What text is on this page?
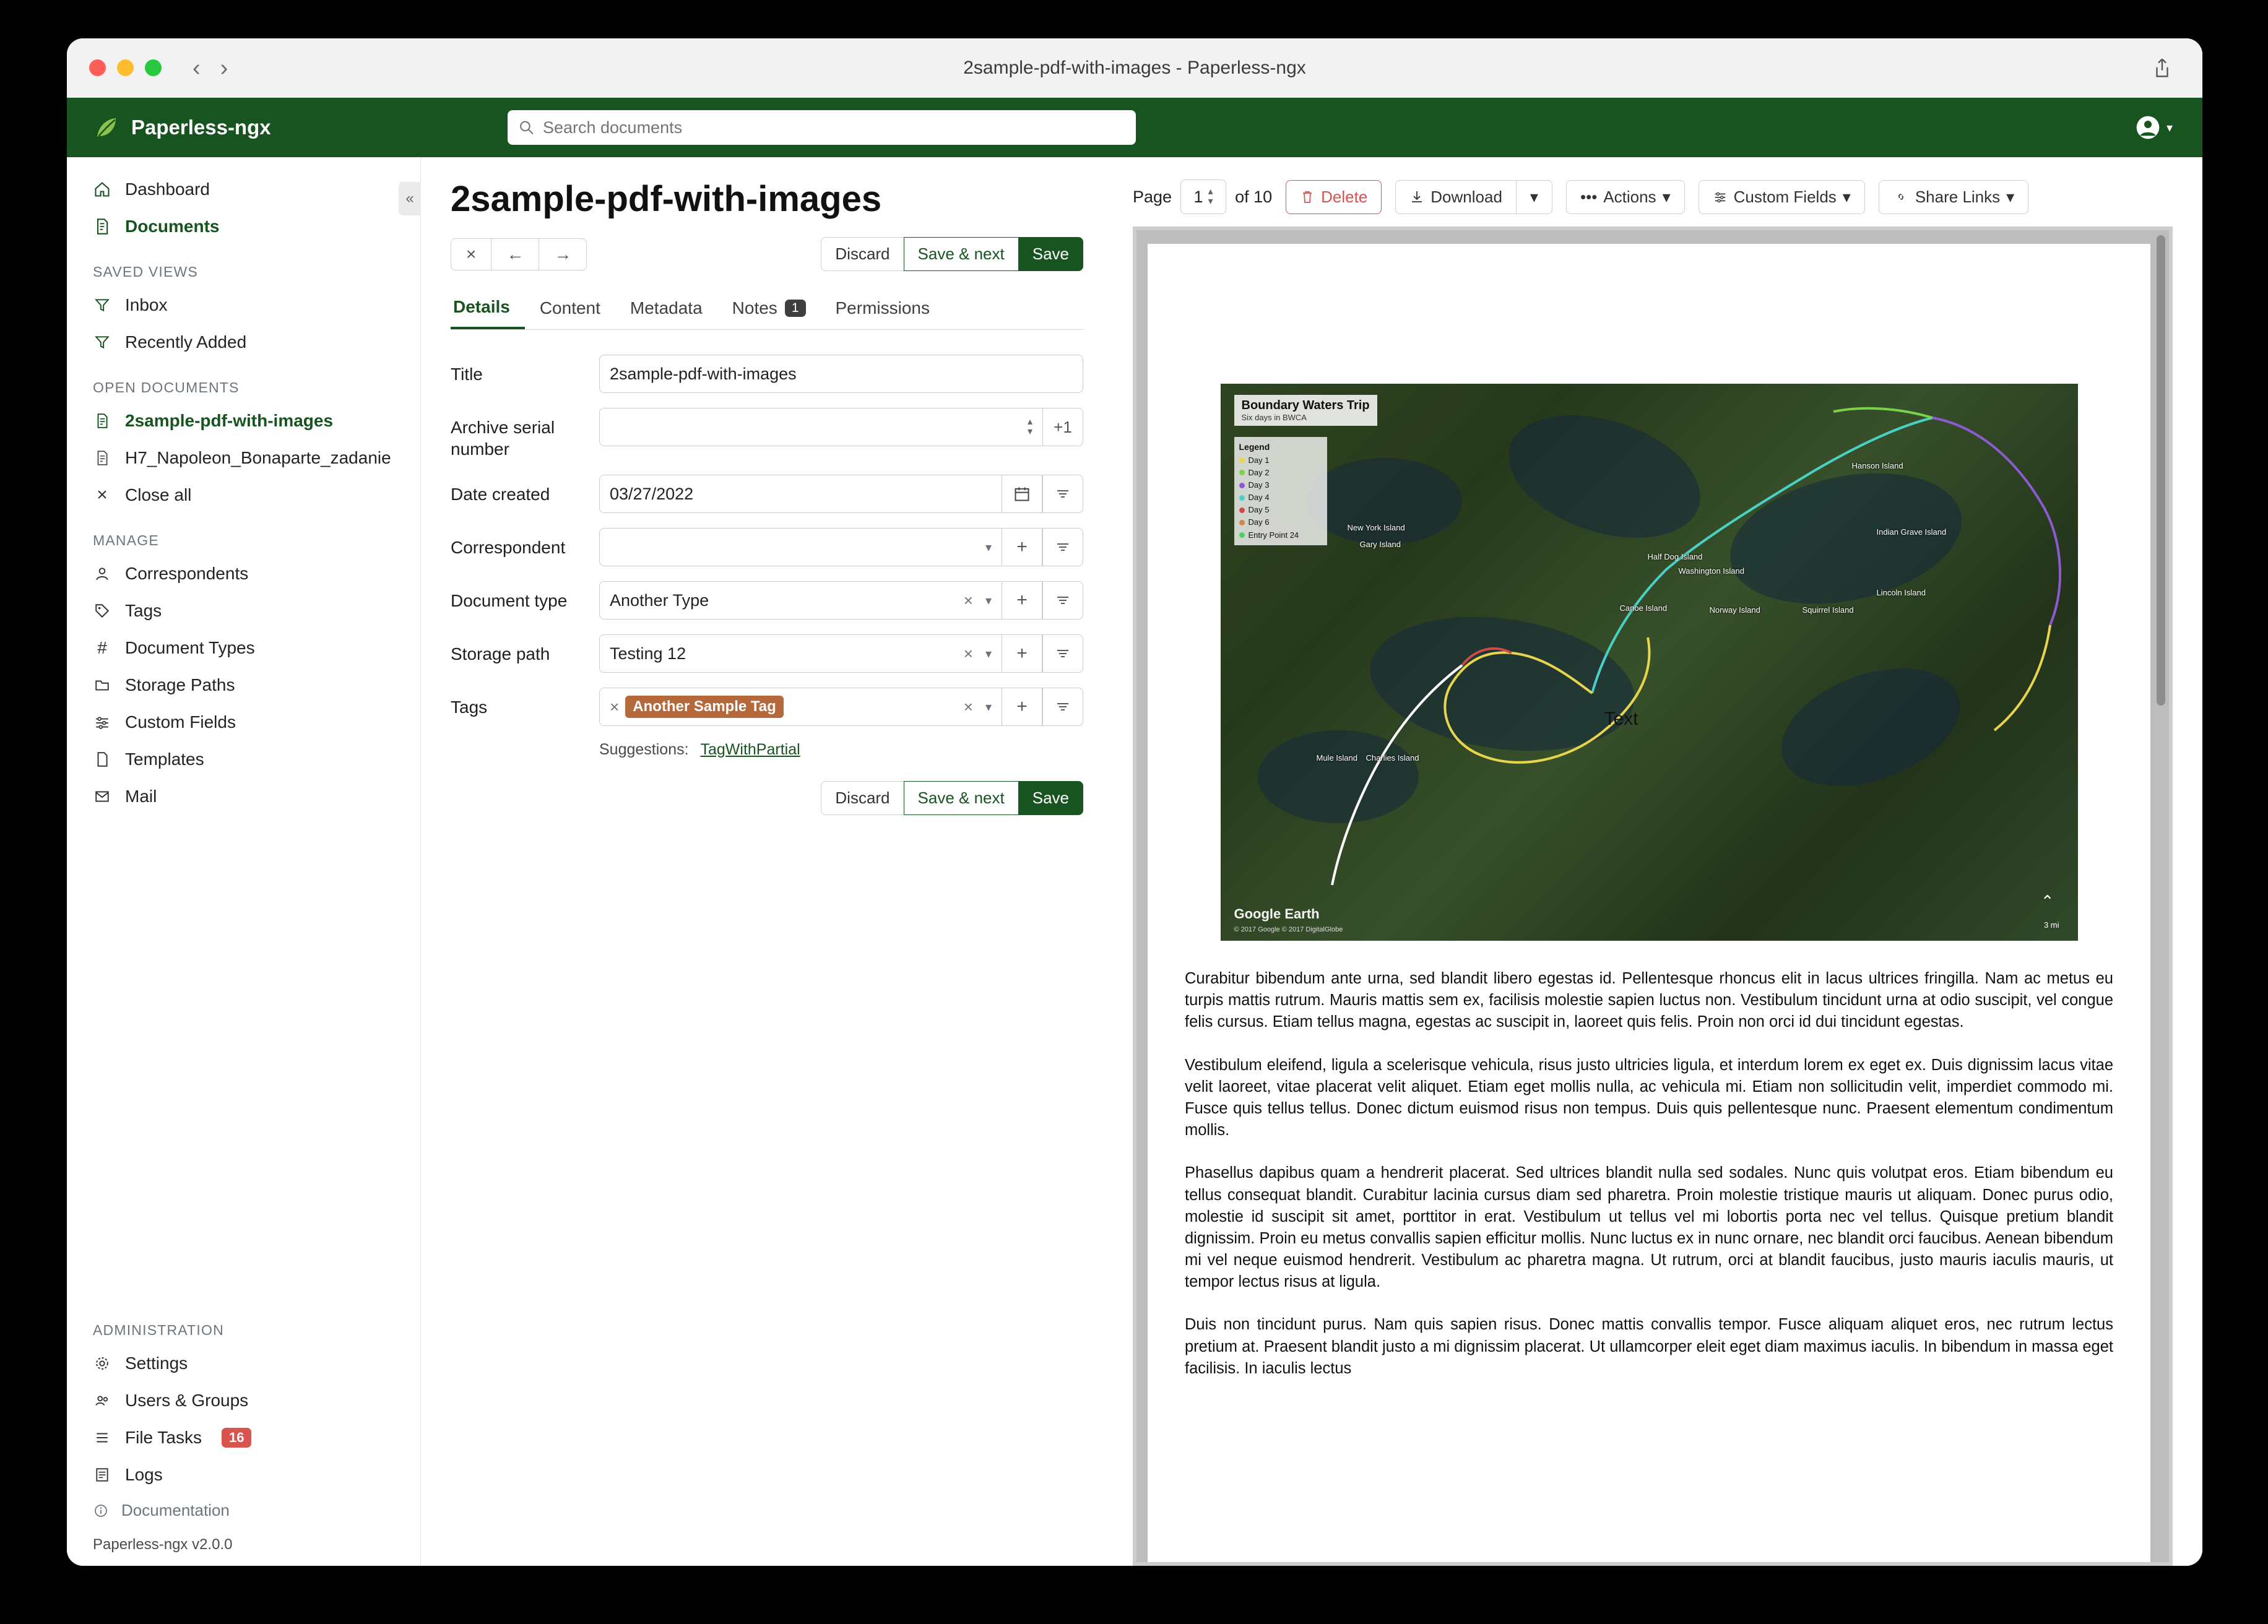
‹ ›	2sample-pdf-with-images - Paperless-ngx
Paperless-ngx
Search documents	▾
«
Dashboard
Documents
SAVED VIEWS
Inbox
Recently Added
OPEN DOCUMENTS
2sample-pdf-with-images
H7_Napoleon_Bonaparte_zadanie
× Close all
MANAGE
Correspondents
Tags
# Document Types
Storage Paths
Custom Fields
Templates
Mail
ADMINISTRATION
Settings
Users & Groups
File Tasks	16
Logs
Documentation
Paperless-ngx v2.0.0
2sample-pdf-with-images
×	←	→	Discard	Save & next	Save
Details Content Metadata Notes	1	Permissions
Title	2sample-pdf-with-images
Archive serial number
▴
▾	+1
Date created	03/27/2022
Correspondent	▾	+
Document type	Another Type	× ▾	+
Storage path	Testing 12	× ▾	+
Tags	× Another Sample Tag	× ▾	+
Suggestions: TagWithPartial
Discard	Save & next	Save
Page 1 ▴
▾ of 10	Delete	Download ▾	••• Actions ▾	Custom Fields ▾	Share Links ▾
Boundary Waters Trip
Six days in BWCA
Legend
Day 1
Day 2
Day 3
Day 4
Day 5
Day 6
Entry Point 24
Hanson Island
Indian Grave Island
New York Island
Gary Island
Half Dog Island
Washington Island
Lincoln Island
Canoe Island	Norway Island	Squirrel Island
Mule Island Charlies Island
Text
Google Earth
© 2017 Google © 2017 DigitalGlobe	3 mi
⌃

Curabitur bibendum ante urna, sed blandit libero egestas id. Pellentesque rhoncus elit in lacus ultrices fringilla. Nam ac metus eu turpis mattis rutrum. Mauris mattis sem ex, facilisis molestie sapien luctus non. Vestibulum tincidunt urna at odio suscipit, vel congue felis cursus. Etiam tellus magna, egestas ac suscipit in, laoreet quis felis. Proin non orci id dui tincidunt egestas.

Vestibulum eleifend, ligula a scelerisque vehicula, risus justo ultricies ligula, et interdum lorem ex eget ex. Duis dignissim lacus vitae velit laoreet, vitae placerat velit aliquet. Etiam eget mollis nulla, ac vehicula mi. Etiam non sollicitudin velit, imperdiet commodo mi. Fusce quis tellus tellus. Donec dictum euismod risus non tempus. Duis quis pellentesque nunc. Praesent elementum condimentum mollis.

Phasellus dapibus quam a hendrerit placerat. Sed ultrices blandit nulla sed sodales. Nunc quis volutpat eros. Etiam bibendum eu tellus consequat blandit. Curabitur lacinia cursus diam sed pharetra. Proin molestie tristique mauris ut aliquam. Donec purus odio, molestie id suscipit sit amet, porttitor in erat. Vestibulum ut tellus vel mi lobortis porta nec vel tellus. Quisque pretium blandit dignissim. Proin eu metus convallis sapien efficitur mollis. Nunc luctus ex in nunc ornare, nec blandit orci faucibus. Aenean bibendum mi vel neque euismod hendrerit. Vestibulum ac pharetra magna. Ut rutrum, orci at blandit faucibus, justo mauris iaculis mauris, ut tempor lectus risus at ligula.

Duis non tincidunt purus. Nam quis sapien risus. Donec mattis convallis tempor. Fusce aliquam aliquet eros, nec rutrum lectus pretium at. Praesent blandit justo a mi dignissim placerat. Ut ullamcorper eleit eget diam maximus iaculis. In bibendum in massa eget facilisis. In iaculis lectus
